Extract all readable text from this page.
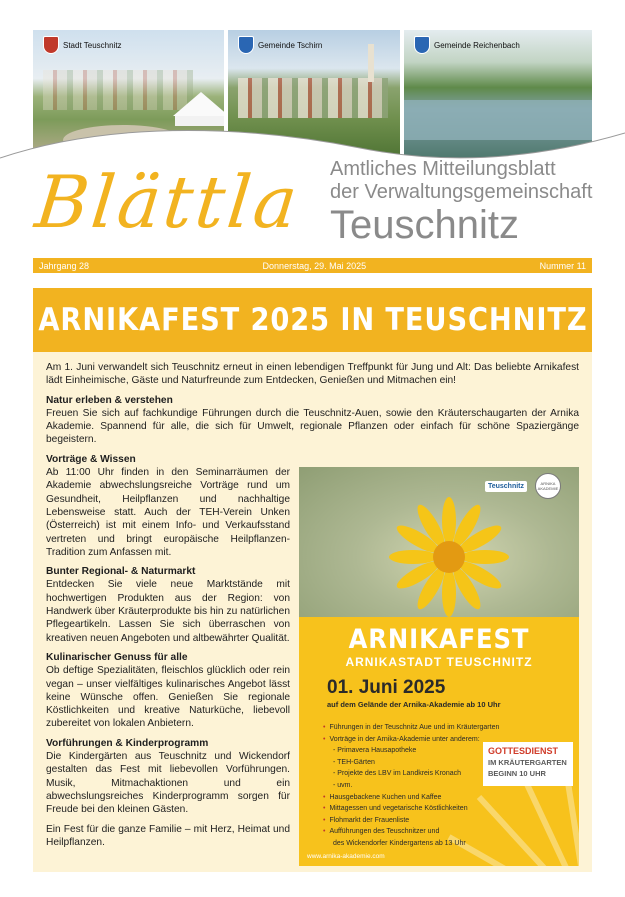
Stadt Teuschnitz	Gemeinde Tschirn	Gemeinde Reichenbach
Blättla Amtliches Mitteilungsblatt
der Verwaltungsgemeinschaft
Teuschnitz
Jahrgang 28	Donnerstag, 29. Mai 2025	Nummer 11
ARNIKAFEST 2025 IN TEUSCHNITZ

Am 1. Juni verwandelt sich Teuschnitz erneut in einen lebendigen Treffpunkt für Jung und Alt: Das beliebte Arnikafest lädt Einheimische, Gäste und Naturfreunde zum Entdecken, Genießen und Mitmachen ein!

Natur erleben & verstehen

Freuen Sie sich auf fachkundige Führungen durch die Teuschnitz-Auen, sowie den Kräuterschaugarten der Arnika Akademie. Spannend für alle, die sich für Umwelt, regionale Pflanzen oder einfach für schöne Spaziergänge begeistern.

Vorträge & Wissen

Ab 11:00 Uhr finden in den Seminarräumen der Akademie abwechslungsreiche Vorträge rund um Gesundheit, Heilpflanzen und nachhaltige Lebensweise statt. Auch der TEH-Verein Unken (Österreich) ist mit einem Info- und Verkaufsstand vertreten und bringt europäische Heilpflanzen-Tradition zum Anfassen mit.

Bunter Regional- & Naturmarkt

Entdecken Sie viele neue Marktstände mit hochwertigen Produkten aus der Region: von Handwerk über Kräuterprodukte bis hin zu natürlichen Pflegeartikeln. Lassen Sie sich überraschen von kreativen neuen Angeboten und altbewährter Qualität.

Kulinarischer Genuss für alle

Ob deftige Spezialitäten, fleischlos glücklich oder rein vegan – unser vielfältiges kulinarisches Angebot lässt keine Wünsche offen. Genießen Sie regionale Köstlichkeiten und kreative Naturküche, liebevoll zubereitet von lokalen Anbietern.

Vorführungen & Kinderprogramm

Die Kindergärten aus Teuschnitz und Wickendorf gestalten das Fest mit liebevollen Vorführungen. Musik, Mitmachaktionen und ein abwechslungsreiches Kinderprogramm sorgen für Freude bei den kleinen Gästen.

Ein Fest für die ganze Familie – mit Herz, Heimat und Heilpflanzen.

Teuschnitz	ARNIKA AKADEMIE
ARNIKAFEST
ARNIKASTADT TEUSCHNITZ
01. Juni 2025
auf dem Gelände der Arnika-Akademie ab 10 Uhr
• Führungen in der Teuschnitz Aue und im Kräutergarten
• Vorträge in der Arnika-Akademie unter anderem:
- Primavera Hausapotheke
- TEH-Gärten
- Projekte des LBV im Landkreis Kronach
- uvm.
• Hausgebackene Kuchen und Kaffee
• Mittagessen und vegetarische Köstlichkeiten
• Flohmarkt der Frauenliste
• Aufführungen des Teuschnitzer und
des Wickendorfer Kindergartens ab 13 Uhr
GOTTESDIENST
IM KRÄUTERGARTEN
BEGINN 10 UHR
www.arnika-akademie.com
